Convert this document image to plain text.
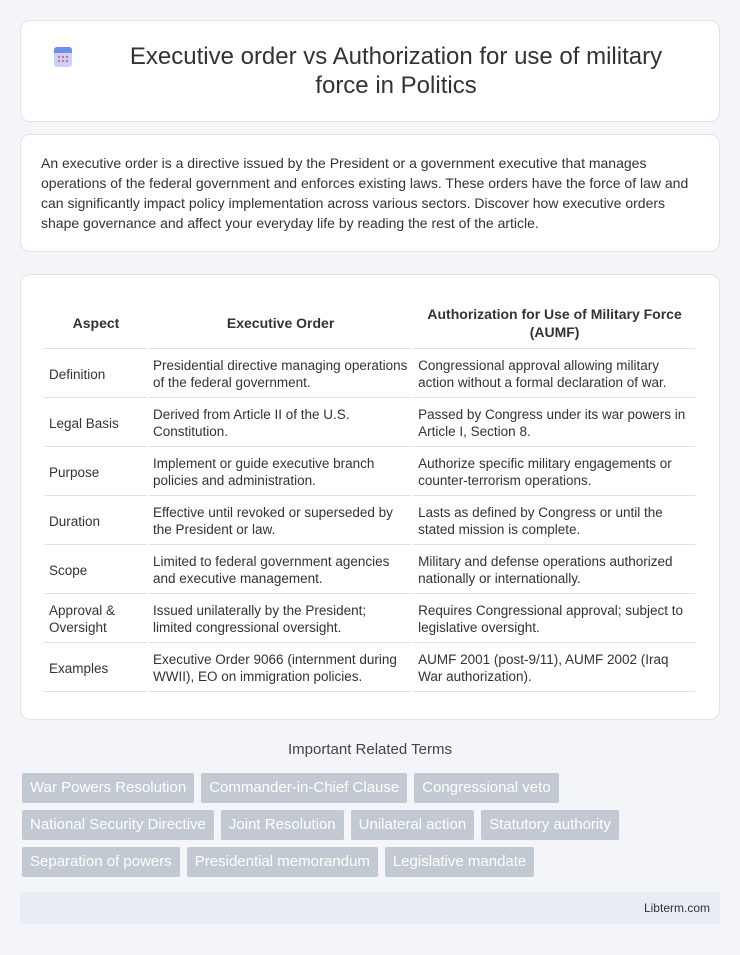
Executive order vs Authorization for use of military force in Politics

An executive order is a directive issued by the President or a government executive that manages operations of the federal government and enforces existing laws. These orders have the force of law and can significantly impact policy implementation across various sectors. Discover how executive orders shape governance and affect your everyday life by reading the rest of the article.

Aspect	Executive Order	Authorization for Use of Military Force (AUMF)
Definition	Presidential directive managing operations of the federal government.	Congressional approval allowing military action without a formal declaration of war.
Legal Basis	Derived from Article II of the U.S. Constitution.	Passed by Congress under its war powers in Article I, Section 8.
Purpose	Implement or guide executive branch policies and administration.	Authorize specific military engagements or counter-terrorism operations.
Duration	Effective until revoked or superseded by the President or law.	Lasts as defined by Congress or until the stated mission is complete.
Scope	Limited to federal government agencies and executive management.	Military and defense operations authorized nationally or internationally.
Approval & Oversight	Issued unilaterally by the President; limited congressional oversight.	Requires Congressional approval; subject to legislative oversight.
Examples	Executive Order 9066 (internment during WWII), EO on immigration policies.	AUMF 2001 (post-9/11), AUMF 2002 (Iraq War authorization).
Important Related Terms
War Powers Resolution	Commander-in-Chief Clause	Congressional veto
National Security Directive	Joint Resolution	Unilateral action	Statutory authority
Separation of powers	Presidential memorandum	Legislative mandate
Libterm.com
